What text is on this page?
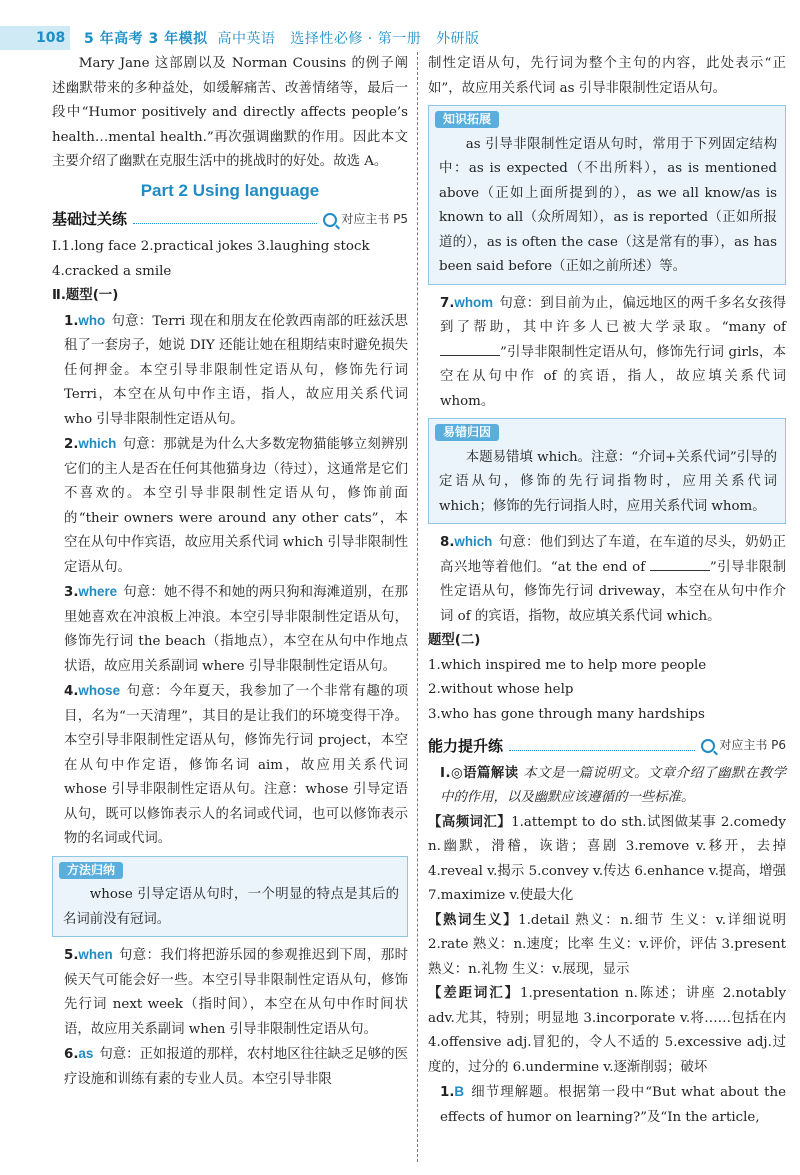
108 5 年高考 3 年模拟  高中英语   选择性必修 · 第一册   外研版

Mary Jane 这部剧以及 Norman Cousins 的例子阐述幽默带来的多种益处，如缓解痛苦、改善情绪等，最后一段中“Humor positively and directly affects people’s health…mental health.”再次强调幽默的作用。因此本文主要介绍了幽默在克服生活中的挑战时的好处。故选 A。

Part 2 Using language
基础过关练	对应主书 P5

Ⅰ.1.long face 2.practical jokes 3.laughing stock

4.cracked a smile

Ⅱ.题型(一)

1.who 句意：Terri 现在和朋友在伦敦西南部的旺兹沃思租了一套房子，她说 DIY 还能让她在租期结束时避免损失任何押金。本空引导非限制性定语从句，修饰先行词 Terri，本空在从句中作主语，指人，故应用关系代词 who 引导非限制性定语从句。

2.which 句意：那就是为什么大多数宠物猫能够立刻辨别它们的主人是否在任何其他猫身边（待过），这通常是它们不喜欢的。本空引导非限制性定语从句，修饰前面的“their owners were around any other cats”，本空在从句中作宾语，故应用关系代词 which 引导非限制性定语从句。

3.where 句意：她不得不和她的两只狗和海滩道别，在那里她喜欢在冲浪板上冲浪。本空引导非限制性定语从句，修饰先行词 the beach（指地点），本空在从句中作地点状语，故应用关系副词 where 引导非限制性定语从句。

4.whose 句意：今年夏天，我参加了一个非常有趣的项目，名为“一天清理”，其目的是让我们的环境变得干净。本空引导非限制性定语从句，修饰先行词 project，本空在从句中作定语，修饰名词 aim，故应用关系代词 whose 引导非限制性定语从句。注意：whose 引导定语从句，既可以修饰表示人的名词或代词，也可以修饰表示物的名词或代词。

方法归纳

whose 引导定语从句时，一个明显的特点是其后的名词前没有冠词。

5.when 句意：我们将把游乐园的参观推迟到下周，那时候天气可能会好一些。本空引导非限制性定语从句，修饰先行词 next week（指时间），本空在从句中作时间状语，故应用关系副词 when 引导非限制性定语从句。

6.as 句意：正如报道的那样，农村地区往往缺乏足够的医疗设施和训练有素的专业人员。本空引导非限

制性定语从句，先行词为整个主句的内容，此处表示“正如”，故应用关系代词 as 引导非限制性定语从句。

知识拓展

as 引导非限制性定语从句时，常用于下列固定结构中：as is expected（不出所料），as is mentioned above（正如上面所提到的），as we all know/as is known to all（众所周知），as is reported（正如所报道的），as is often the case（这是常有的事），as has been said before（正如之前所述）等。

7.whom 句意：到目前为止，偏远地区的两千多名女孩得到了帮助，其中许多人已被大学录取。“many of ”引导非限制性定语从句，修饰先行词 girls，本空在从句中作 of 的宾语，指人，故应填关系代词 whom。

易错归因

本题易错填 which。注意：“介词+关系代词”引导的定语从句，修饰的先行词指物时，应用关系代词 which；修饰的先行词指人时，应用关系代词 whom。

8.which 句意：他们到达了车道，在车道的尽头，奶奶正高兴地等着他们。“at the end of	”引导非限制性定语从句，修饰先行词 driveway，本空在从句中作介词 of 的宾语，指物，故应填关系代词 which。

题型(二)

1.which inspired me to help more people

2.without whose help

3.who has gone through many hardships

能力提升练	对应主书 P6

Ⅰ.◎语篇解读 本文是一篇说明文。文章介绍了幽默在教学中的作用，以及幽默应该遵循的一些标准。

【高频词汇】1.attempt to do sth.试图做某事 2.comedy n.幽默，滑稽，诙谐；喜剧 3.remove v.移开，去掉 4.reveal v.揭示 5.convey v.传达 6.enhance v.提高，增强 7.maximize v.使最大化

【熟词生义】1.detail 熟义：n.细节 生义：v.详细说明 2.rate 熟义：n.速度；比率 生义：v.评价，评估 3.present 熟义：n.礼物 生义：v.展现，显示

【差距词汇】1.presentation n.陈述；讲座 2.notably adv.尤其，特别；明显地 3.incorporate v.将……包括在内 4.offensive adj.冒犯的，令人不适的 5.excessive adj.过度的，过分的 6.undermine v.逐渐削弱；破坏

1.B 细节理解题。根据第一段中“But what about the effects of humor on learning?”及“In the article,
